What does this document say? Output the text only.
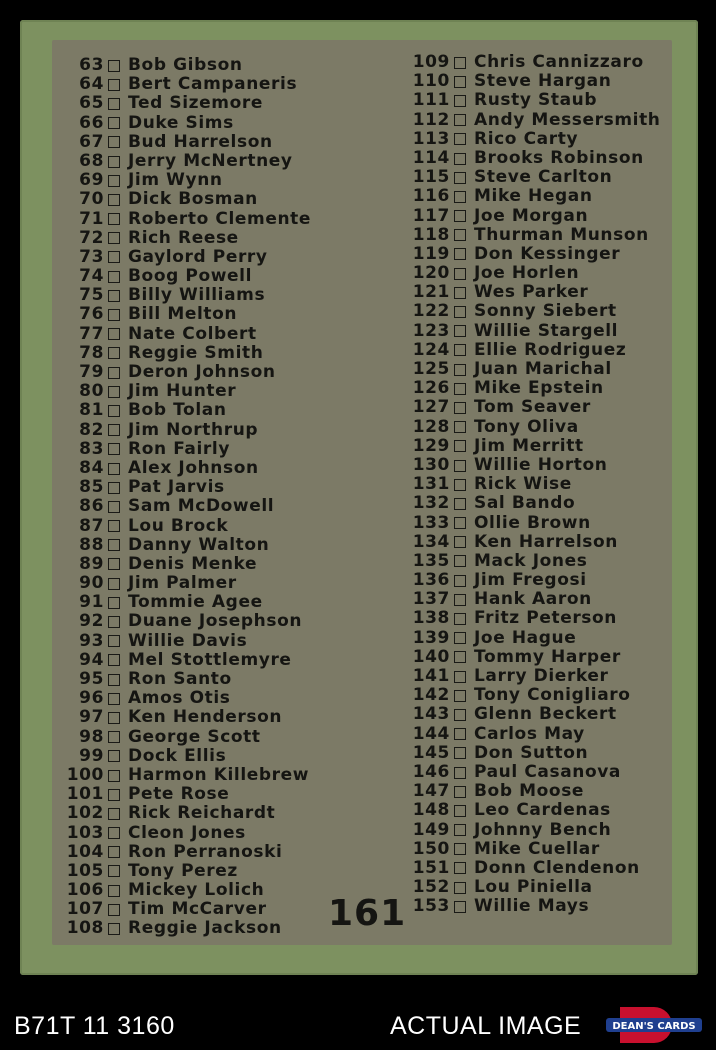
63 Bob Gibson
64 Bert Campaneris
65 Ted Sizemore
66 Duke Sims
67 Bud Harrelson
68 Jerry McNertney
69 Jim Wynn
70 Dick Bosman
71 Roberto Clemente
72 Rich Reese
73 Gaylord Perry
74 Boog Powell
75 Billy Williams
76 Bill Melton
77 Nate Colbert
78 Reggie Smith
79 Deron Johnson
80 Jim Hunter
81 Bob Tolan
82 Jim Northrup
83 Ron Fairly
84 Alex Johnson
85 Pat Jarvis
86 Sam McDowell
87 Lou Brock
88 Danny Walton
89 Denis Menke
90 Jim Palmer
91 Tommie Agee
92 Duane Josephson
93 Willie Davis
94 Mel Stottlemyre
95 Ron Santo
96 Amos Otis
97 Ken Henderson
98 George Scott
99 Dock Ellis
100 Harmon Killebrew
101 Pete Rose
102 Rick Reichardt
103 Cleon Jones
104 Ron Perranoski
105 Tony Perez
106 Mickey Lolich
107 Tim McCarver
108 Reggie Jackson
109 Chris Cannizzaro
110 Steve Hargan
111 Rusty Staub
112 Andy Messersmith
113 Rico Carty
114 Brooks Robinson
115 Steve Carlton
116 Mike Hegan
117 Joe Morgan
118 Thurman Munson
119 Don Kessinger
120 Joe Horlen
121 Wes Parker
122 Sonny Siebert
123 Willie Stargell
124 Ellie Rodriguez
125 Juan Marichal
126 Mike Epstein
127 Tom Seaver
128 Tony Oliva
129 Jim Merritt
130 Willie Horton
131 Rick Wise
132 Sal Bando
133 Ollie Brown
134 Ken Harrelson
135 Mack Jones
136 Jim Fregosi
137 Hank Aaron
138 Fritz Peterson
139 Joe Hague
140 Tommy Harper
141 Larry Dierker
142 Tony Conigliaro
143 Glenn Beckert
144 Carlos May
145 Don Sutton
146 Paul Casanova
147 Bob Moose
148 Leo Cardenas
149 Johnny Bench
150 Mike Cuellar
151 Donn Clendenon
152 Lou Piniella
153 Willie Mays
161
B71T 11 3160	ACTUAL IMAGE	DEAN'S CARDS
